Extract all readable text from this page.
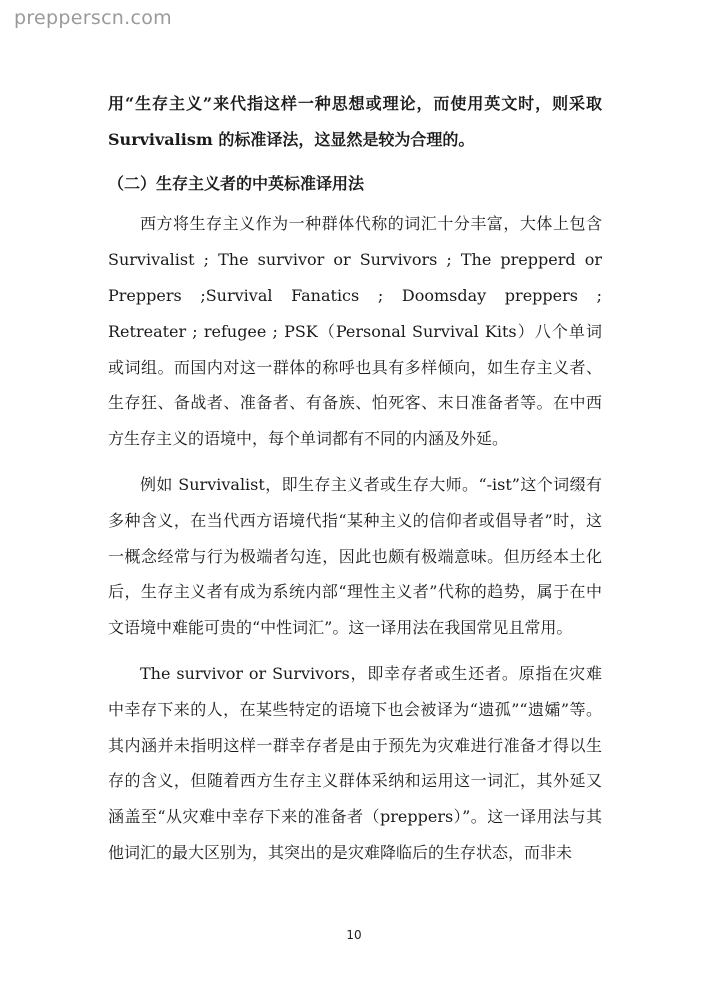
prepperscn.com

用“生存主义”来代指这样一种思想或理论，而使用英文时，则采取

Survivalism 的标准译法，这显然是较为合理的。

（二）生存主义者的中英标准译用法

西方将生存主义作为一种群体代称的词汇十分丰富，大体上包含 Survivalist ; The survivor or Survivors ; The prepperd or Preppers ;Survival Fanatics ; Doomsday preppers ; Retreater ; refugee ; PSK（Personal Survival Kits）八个单词或词组。而国内对这一群体的称呼也具有多样倾向，如生存主义者、生存狂、备战者、准备者、有备族、怕死客、末日准备者等。在中西方生存主义的语境中，每个单词都有不同的内涵及外延。

例如 Survivalist，即生存主义者或生存大师。“-ist”这个词缀有多种含义，在当代西方语境代指“某种主义的信仰者或倡导者”时，这一概念经常与行为极端者勾连，因此也颇有极端意味。但历经本土化后，生存主义者有成为系统内部“理性主义者”代称的趋势，属于在中文语境中难能可贵的“中性词汇”。这一译用法在我国常见且常用。

The survivor or Survivors，即幸存者或生还者。原指在灾难中幸存下来的人，在某些特定的语境下也会被译为“遗孤”“遗孀”等。其内涵并未指明这样一群幸存者是由于预先为灾难进行准备才得以生存的含义，但随着西方生存主义群体采纳和运用这一词汇，其外延又涵盖至“从灾难中幸存下来的准备者（preppers）”。这一译用法与其他词汇的最大区别为，其突出的是灾难降临后的生存状态，而非未

10
